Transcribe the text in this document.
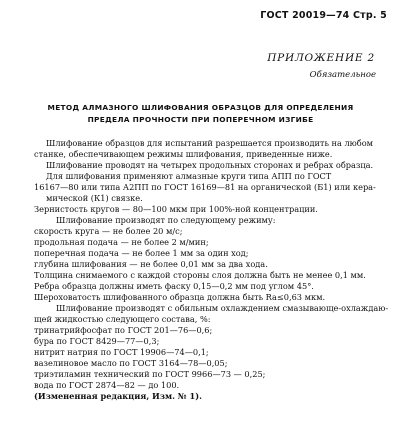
ГОСТ 20019—74 Стр. 5
ПРИЛОЖЕНИЕ 2
Обязательное
МЕТОД АЛМАЗНОГО ШЛИФОВАНИЯ ОБРАЗЦОВ ДЛЯ ОПРЕДЕЛЕНИЯ
ПРЕДЕЛА ПРОЧНОСТИ ПРИ ПОПЕРЕЧНОМ ИЗГИБЕ
Шлифование образцов для испытаний разрешается производить на любом
станке, обеспечивающем режимы шлифования, приведенные ниже.
Шлифование проводят на четырех продольных сторонах и ребрах образца.
Для шлифования применяют алмазные круги типа АПП по ГОСТ
16167—80 или типа А2ПП по ГОСТ 16169—81 на органической (Б1) или кера-
мической (К1) связке.
Зернистость кругов — 80—100 мкм при 100%-ной концентрации.
Шлифование производят по следующему режиму:
скорость круга — не более 20 м/с;
продольная подача — не более 2 м/мин;
поперечная подача — не более 1 мм за один ход;
глубина шлифования — не более 0,01 мм за два хода.
Толщина снимаемого с каждой стороны слоя должна быть не менее 0,1 мм.
Ребра образца должны иметь фаску 0,15—0,2 мм под углом 45°.
Шероховатость шлифованного образца должна быть Ra≤0,63 мкм.
Шлифование производят с обильным охлаждением смазывающе-охлаждаю-
щей жидкостью следующего состава, %:
тринатрийфосфат по ГОСТ 201—76—0,6;
бура по ГОСТ 8429—77—0,3;
нитрит натрия по ГОСТ 19906—74—0,1;
вазелиновое масло по ГОСТ 3164—78—0,05;
триэтиламин технический по ГОСТ 9966—73 — 0,25;
вода по ГОСТ 2874—82 — до 100.
(Измененная редакция, Изм. № 1).
